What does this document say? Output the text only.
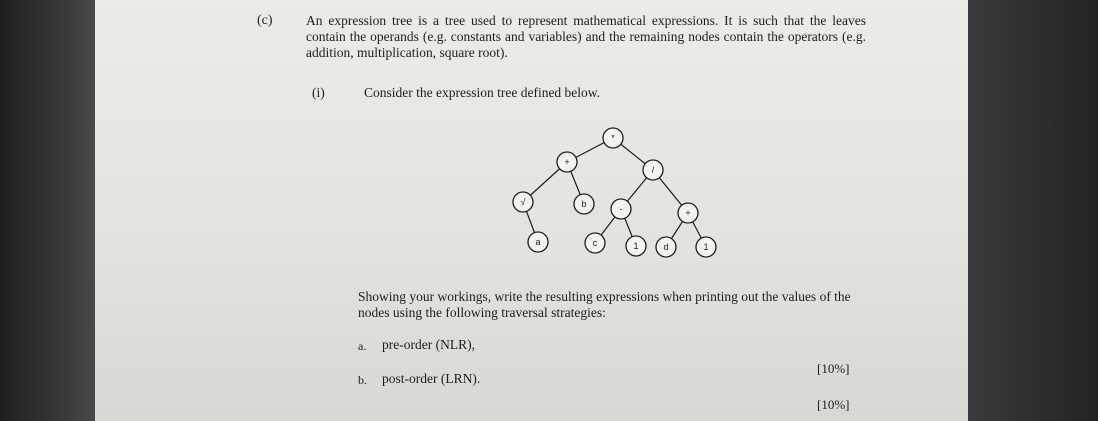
(c) An expression tree is a tree used to represent mathematical expressions. It is such that the leaves contain the operands (e.g. constants and variables) and the remaining nodes contain the operators (e.g. addition, multiplication, square root).

(i)	Consider the expression tree defined below.

*
+
/
√	b	-	+
a	c	1	d	1

Showing your workings, write the resulting expressions when printing out the values of the nodes using the following traversal strategies:

a. pre-order (NLR),
b. post-order (LRN).
[10%]
[10%]
